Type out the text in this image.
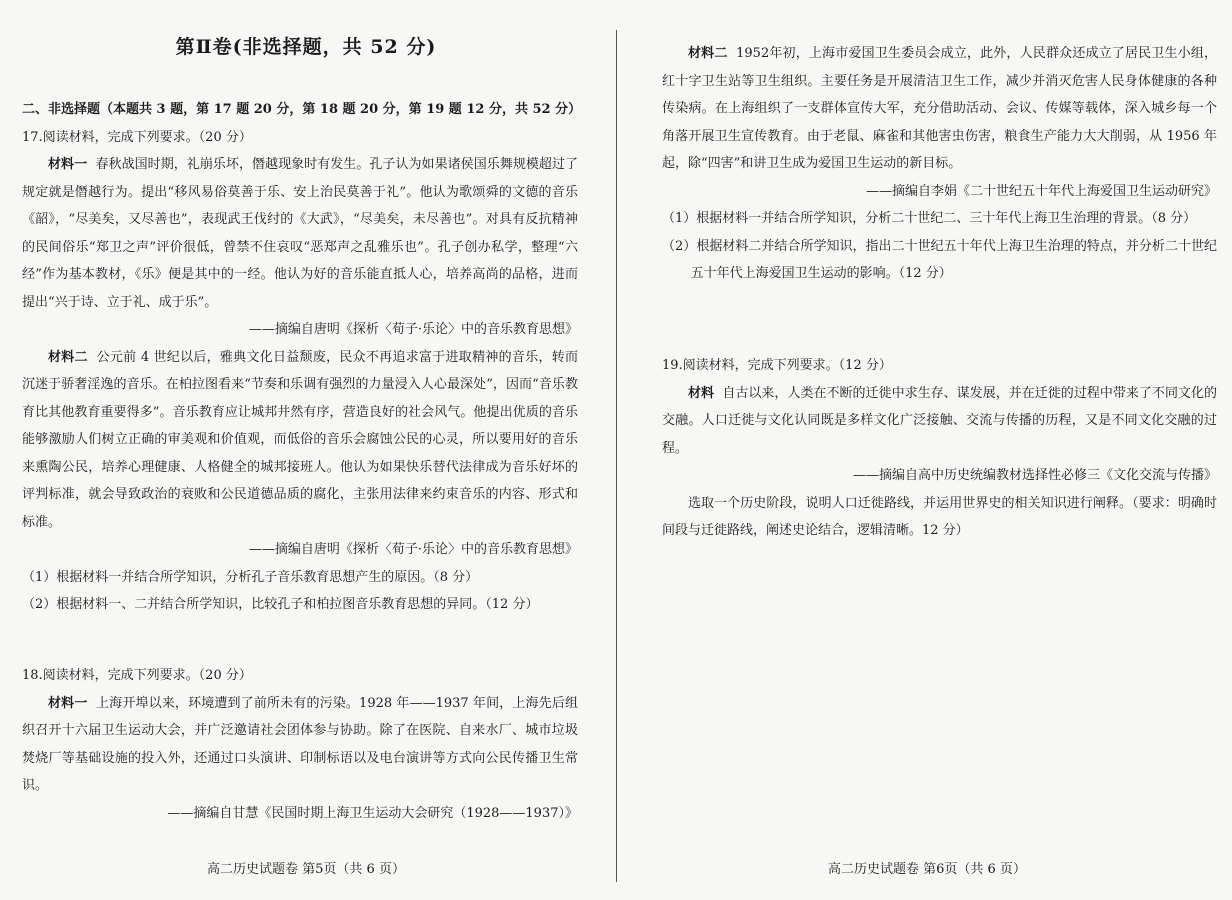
第Ⅱ卷(非选择题，共 52 分)

二、非选择题（本题共 3 题，第 17 题 20 分，第 18 题 20 分，第 19 题 12 分，共 52 分）

17.阅读材料，完成下列要求。（20 分）

材料一 春秋战国时期，礼崩乐坏，僭越现象时有发生。孔子认为如果诸侯国乐舞规模超过了规定就是僭越行为。提出“移风易俗莫善于乐、安上治民莫善于礼”。他认为歌颂舜的文德的音乐《韶》，“尽美矣，又尽善也”，表现武王伐纣的《大武》，“尽美矣，未尽善也”。对具有反抗精神的民间俗乐“郑卫之声”评价很低，曾禁不住哀叹“恶郑声之乱雅乐也”。孔子创办私学，整理“六经”作为基本教材，《乐》便是其中的一经。他认为好的音乐能直抵人心，培养高尚的品格，进而提出“兴于诗、立于礼、成于乐”。

——摘编自唐明《探析〈荀子·乐论〉中的音乐教育思想》

材料二 公元前 4 世纪以后，雅典文化日益颓废，民众不再追求富于进取精神的音乐，转而沉迷于骄奢淫逸的音乐。在柏拉图看来“节奏和乐调有强烈的力量浸入人心最深处”，因而“音乐教育比其他教育重要得多”。音乐教育应让城邦井然有序，营造良好的社会风气。他提出优质的音乐能够激励人们树立正确的审美观和价值观，而低俗的音乐会腐蚀公民的心灵，所以要用好的音乐来熏陶公民，培养心理健康、人格健全的城邦接班人。他认为如果快乐替代法律成为音乐好坏的评判标准，就会导致政治的衰败和公民道德品质的腐化，主张用法律来约束音乐的内容、形式和标准。

——摘编自唐明《探析〈荀子·乐论〉中的音乐教育思想》

（1）根据材料一并结合所学知识，分析孔子音乐教育思想产生的原因。（8 分）

（2）根据材料一、二并结合所学知识，比较孔子和柏拉图音乐教育思想的异同。（12 分）

18.阅读材料，完成下列要求。（20 分）

材料一 上海开埠以来，环境遭到了前所未有的污染。1928 年——1937 年间，上海先后组织召开十六届卫生运动大会，并广泛邀请社会团体参与协助。除了在医院、自来水厂、城市垃圾焚烧厂等基础设施的投入外，还通过口头演讲、印制标语以及电台演讲等方式向公民传播卫生常识。

——摘编自甘慧《民国时期上海卫生运动大会研究（1928——1937）》

高二历史试题卷 第5页（共 6 页）

材料二 1952年初，上海市爱国卫生委员会成立，此外，人民群众还成立了居民卫生小组，红十字卫生站等卫生组织。主要任务是开展清洁卫生工作，减少并消灭危害人民身体健康的各种传染病。在上海组织了一支群体宣传大军，充分借助活动、会议、传媒等载体，深入城乡每一个角落开展卫生宣传教育。由于老鼠、麻雀和其他害虫伤害，粮食生产能力大大削弱，从 1956 年起，除“四害”和讲卫生成为爱国卫生运动的新目标。

——摘编自李娟《二十世纪五十年代上海爱国卫生运动研究》

（1）根据材料一并结合所学知识，分析二十世纪二、三十年代上海卫生治理的背景。（8 分）

（2）根据材料二并结合所学知识，指出二十世纪五十年代上海卫生治理的特点，并分析二十世纪五十年代上海爱国卫生运动的影响。（12 分）

19.阅读材料，完成下列要求。（12 分）

材料 自古以来，人类在不断的迁徙中求生存、谋发展，并在迁徙的过程中带来了不同文化的交融。人口迁徙与文化认同既是多样文化广泛接触、交流与传播的历程，又是不同文化交融的过程。

——摘编自高中历史统编教材选择性必修三《文化交流与传播》

选取一个历史阶段，说明人口迁徙路线，并运用世界史的相关知识进行阐释。（要求：明确时间段与迁徙路线，阐述史论结合，逻辑清晰。12 分）

高二历史试题卷 第6页（共 6 页）
